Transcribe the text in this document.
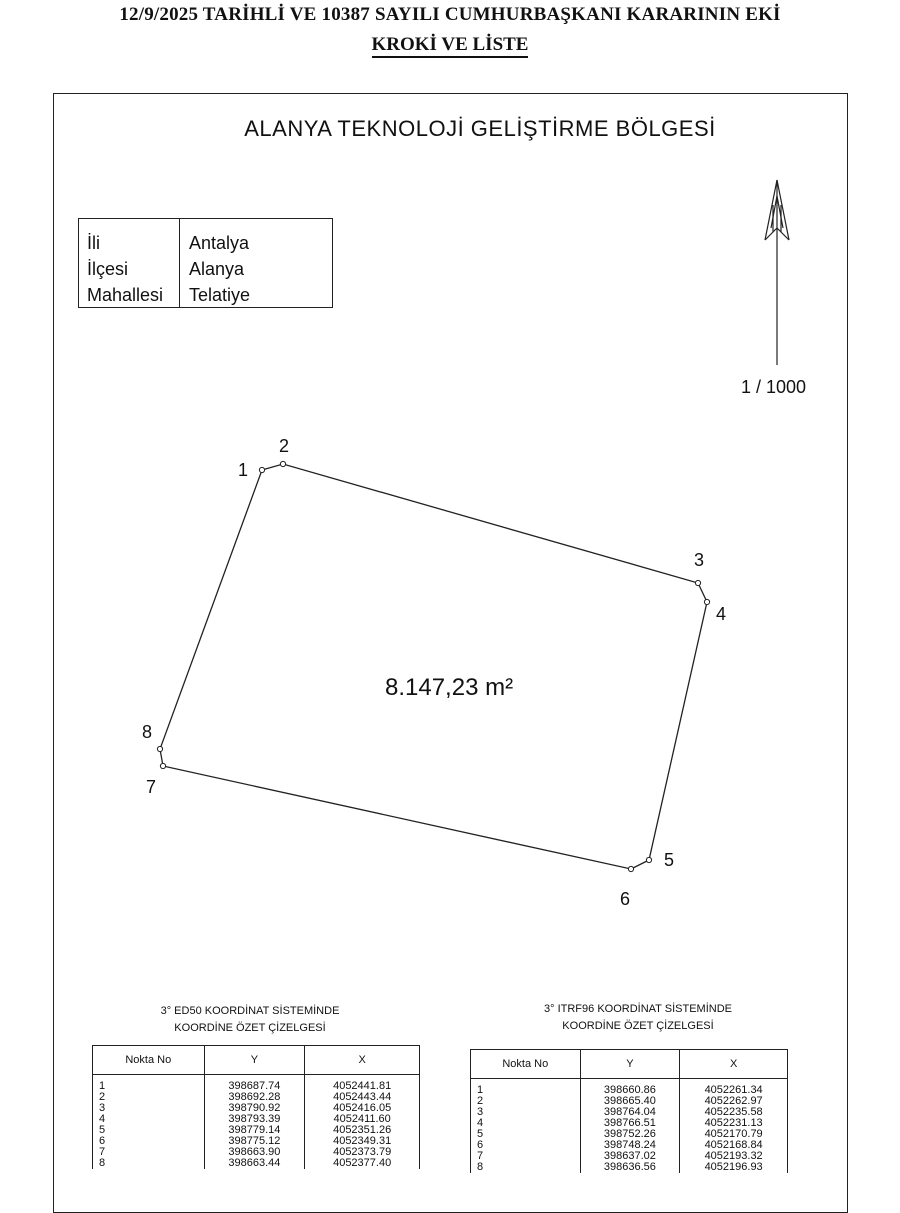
12/9/2025 TARİHLİ VE 10387 SAYILI CUMHURBAŞKANI KARARININ EKİ
KROKİ VE LİSTE
ALANYA TEKNOLOJİ GELİŞTİRME BÖLGESİ
İli	Antalya
İlçesi	Alanya
Mahallesi	Telatiye
1 / 1000
1
2
3
4
5
6
7
8
8.147,23 m²
3° ED50 KOORDİNAT SİSTEMİNDE
KOORDİNE ÖZET ÇİZELGESİ
Nokta No	Y	X
1	398687.74	4052441.81
2	398692.28	4052443.44
3	398790.92	4052416.05
4	398793.39	4052411.60
5	398779.14	4052351.26
6	398775.12	4052349.31
7	398663.90	4052373.79
8	398663.44	4052377.40
3° ITRF96 KOORDİNAT SİSTEMİNDE
KOORDİNE ÖZET ÇİZELGESİ
Nokta No	Y	X
1	398660.86	4052261.34
2	398665.40	4052262.97
3	398764.04	4052235.58
4	398766.51	4052231.13
5	398752.26	4052170.79
6	398748.24	4052168.84
7	398637.02	4052193.32
8	398636.56	4052196.93
